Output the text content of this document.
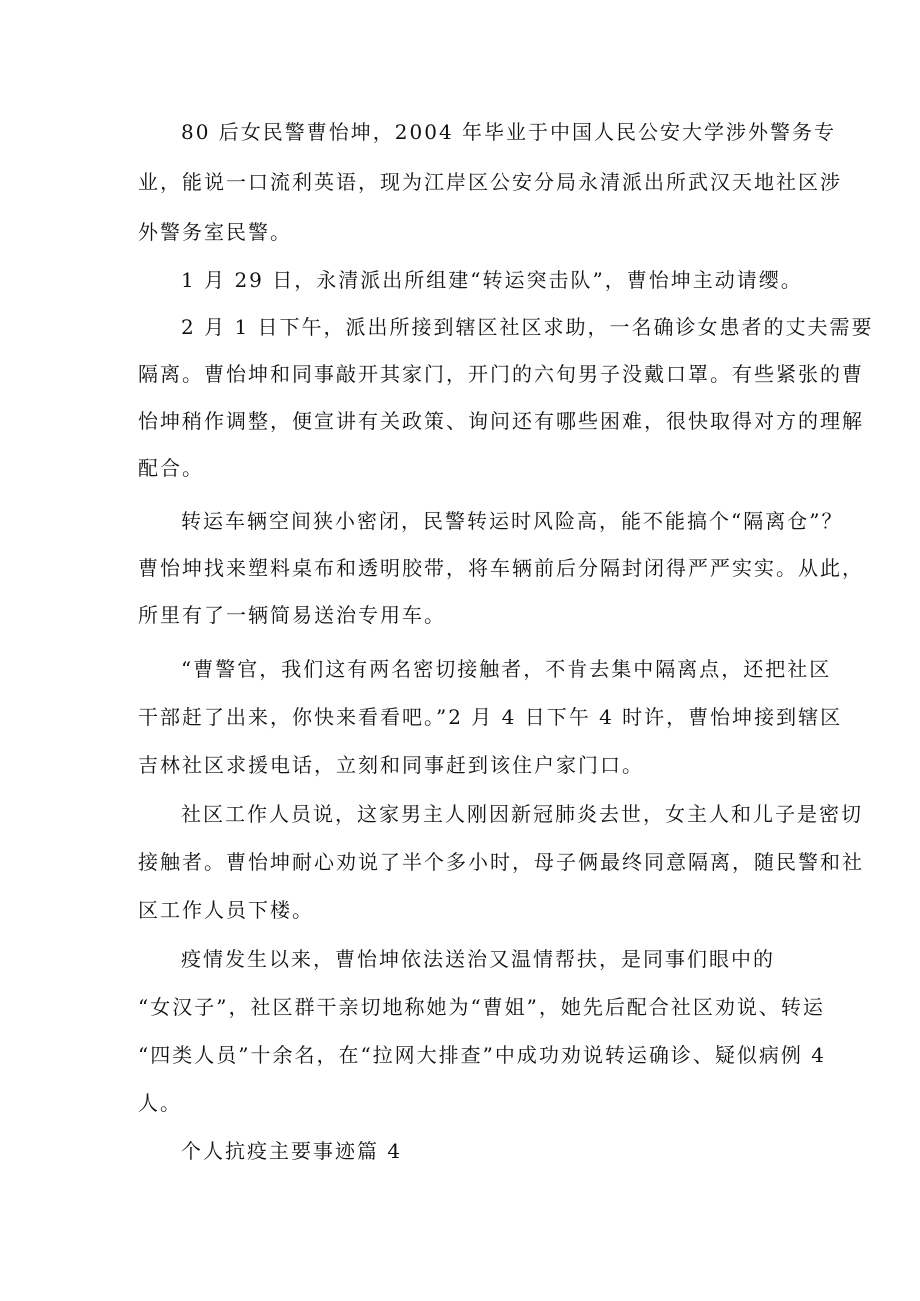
80 后女民警曹怡坤，2004 年毕业于中国人民公安大学涉外警务专
业，能说一口流利英语，现为江岸区公安分局永清派出所武汉天地社区涉
外警务室民警。
1 月 29 日，永清派出所组建“转运突击队”，曹怡坤主动请缨。
2 月 1 日下午，派出所接到辖区社区求助，一名确诊女患者的丈夫需要
隔离。曹怡坤和同事敲开其家门，开门的六旬男子没戴口罩。有些紧张的曹
怡坤稍作调整，便宣讲有关政策、询问还有哪些困难，很快取得对方的理解
配合。
转运车辆空间狭小密闭，民警转运时风险高，能不能搞个“隔离仓”？
曹怡坤找来塑料桌布和透明胶带，将车辆前后分隔封闭得严严实实。从此，
所里有了一辆简易送治专用车。
“曹警官，我们这有两名密切接触者，不肯去集中隔离点，还把社区
干部赶了出来，你快来看看吧。”2 月 4 日下午 4 时许，曹怡坤接到辖区
吉林社区求援电话，立刻和同事赶到该住户家门口。
社区工作人员说，这家男主人刚因新冠肺炎去世，女主人和儿子是密切
接触者。曹怡坤耐心劝说了半个多小时，母子俩最终同意隔离，随民警和社
区工作人员下楼。
疫情发生以来，曹怡坤依法送治又温情帮扶，是同事们眼中的
“女汉子”，社区群干亲切地称她为“曹姐”，她先后配合社区劝说、转运
“四类人员”十余名，在“拉网大排查”中成功劝说转运确诊、疑似病例 4
人。
个人抗疫主要事迹篇 4
